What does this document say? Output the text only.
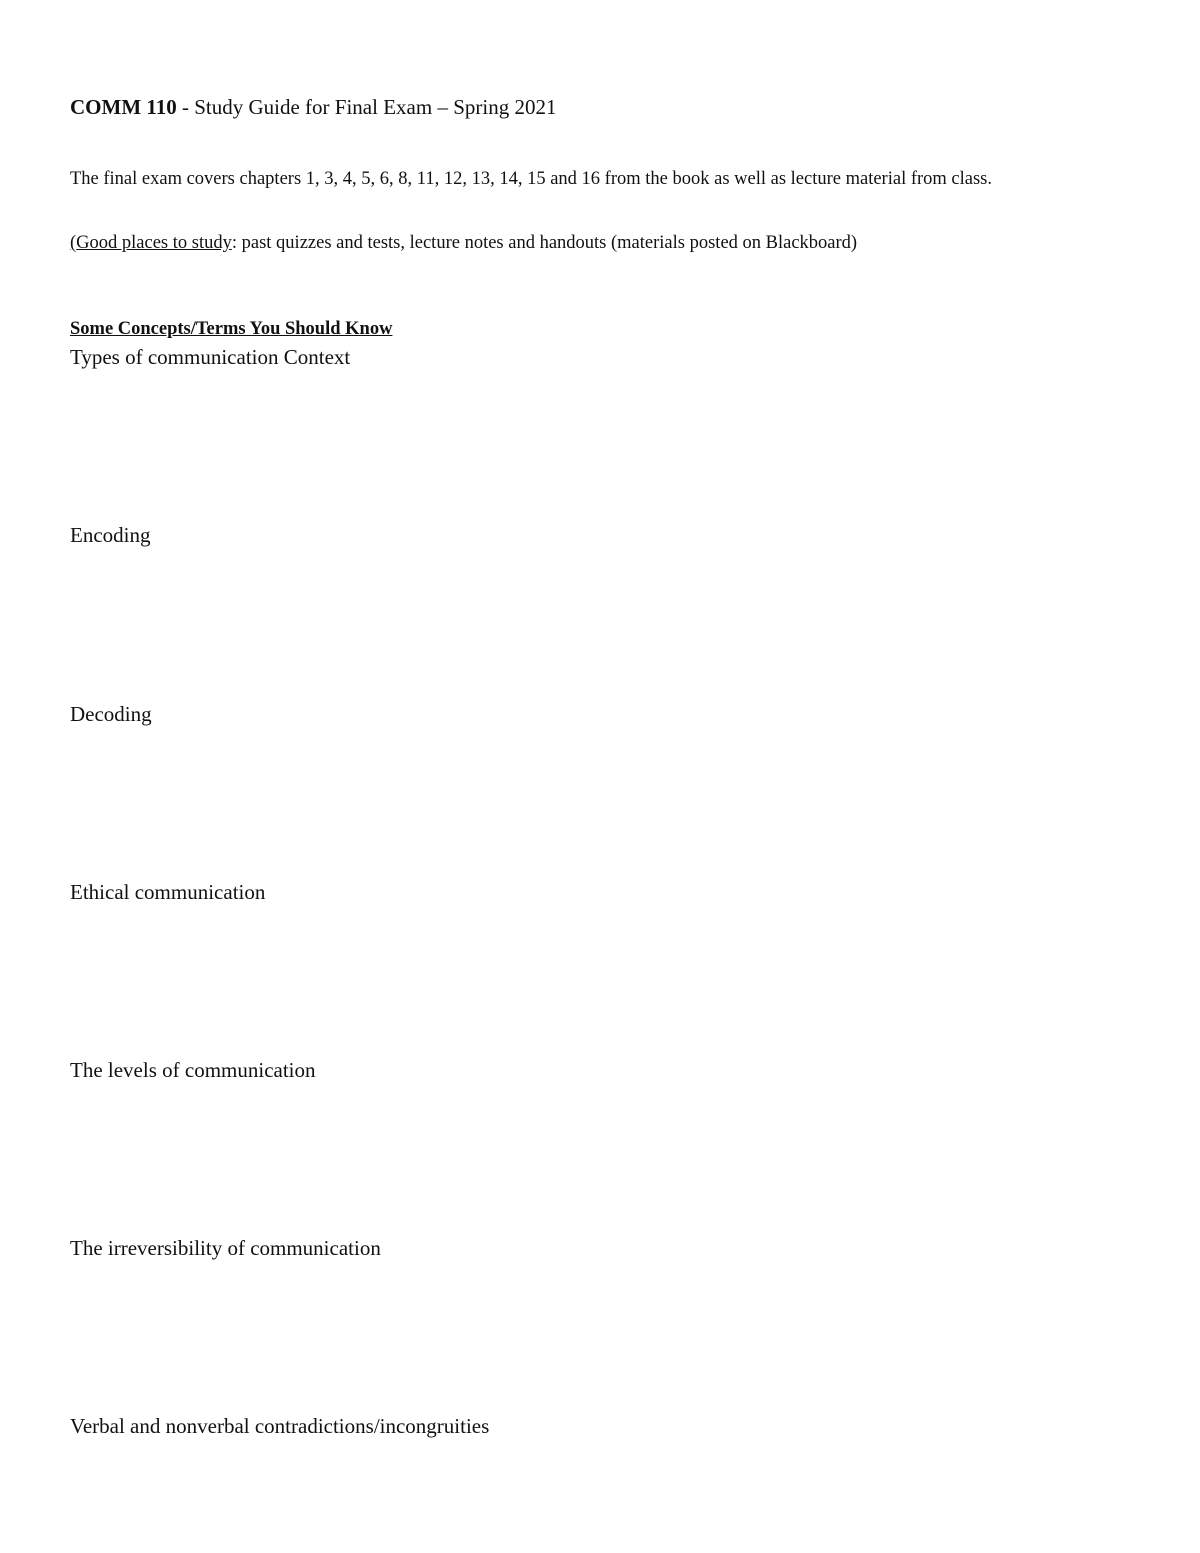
COMM 110 - Study Guide for Final Exam – Spring 2021
The final exam covers chapters 1, 3, 4, 5, 6, 8, 11, 12, 13, 14, 15 and 16 from the book as well as lecture material from class.
(Good places to study: past quizzes and tests, lecture notes and handouts (materials posted on Blackboard)
Some Concepts/Terms You Should Know
Types of communication Context
Encoding
Decoding
Ethical communication
The levels of communication
The irreversibility of communication
Verbal and nonverbal contradictions/incongruities
